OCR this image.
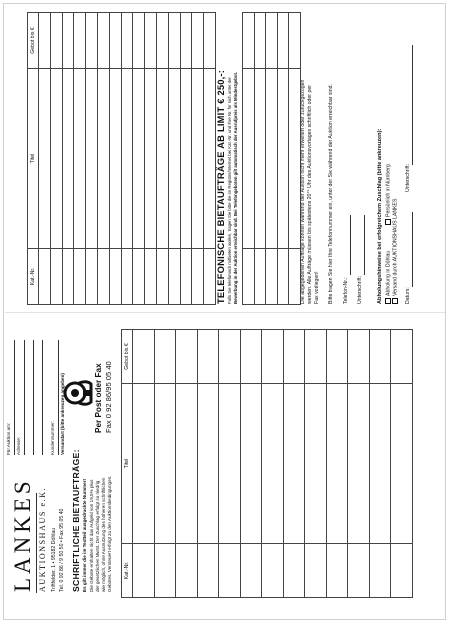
LANKES AUKTIONSHAUS e.K. Triftfelder. 1 • 95182 Döhlau Tel. 0 92 86 / 9 50 50 • Fax 95 05 40
Für Auktion am: Adresse:	Kundennummer: Versandart (bitte ankreuzen angeben)
SCHRIFTLICHE BIETAUFTRÄGE: Es gilt immer die im Textteil ausgedruckte Nummer! Die Gebote enthalten nicht das Aufgeld von 19,5% plus der gesetzlichen MwSt. Der Zuschlag erfolgt so niedrig wie möglich, ohne Ausnutzung des höheren schriftlichen Gebotes. Versteuert erfolgt zu den Auktionsbedingungen.
Per Post oder Fax Fax 0 92 86/95 05 40
Kat.-Nr.	Titel	Gebot bis €

Kat.-Nr.	Titel	Gebot bis €

TELEFONISCHE BIETAUFTRÄGE AB LIMIT € 250,-: Falls Sie telefonisch mitbieten wollen, tragen Sie bitte die im Register/Internet bei Kat.-Nr. und Ihre Nr. für sich unter der Bewerbung in der Auktion erreichbar sind. Bei Telefongeboten gilt automatisch der Ausrufpreis als Mindestgebot.

			Die abgegebenen Aufträge können während der Auktion nicht mehr erweitert oder zurückgezogen werden. Alle Aufträge müssen bis spätestens 20°° Uhr des Auktionsvortages schriftlich oder per Fax vorliegen! Bitte tragen Sie hier Ihre Telefonnummer ein, unter der Sie während der Auktion erreichbar sind. Telefon-Nr.: Unterschrift:	Abholungshinweise bei erfolgreichem Zuschlag (bitte ankreuzen): Abholung in Döhlau
Persönlich in Nürnberg
Versand durch AUKTIONSHAUS LANKES Datum:
Unterschrift:
